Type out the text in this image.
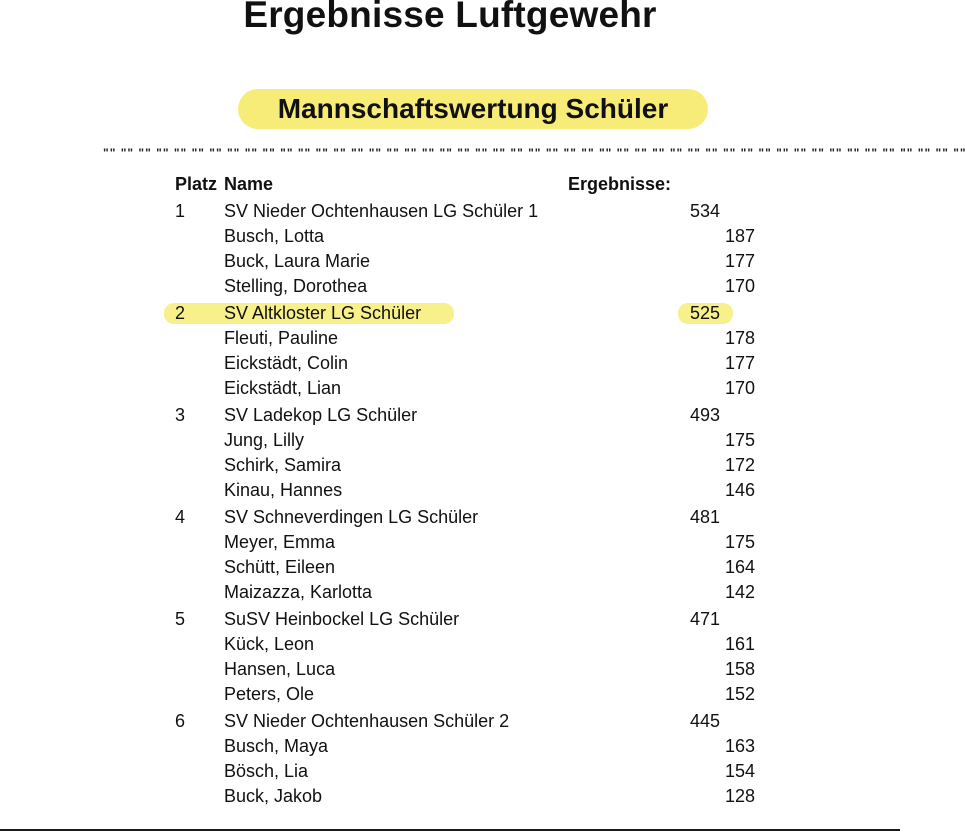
Ergebnisse Luftgewehr
Mannschaftswertung Schüler
"" "" "" "" "" "" "" "" "" "" "" "" "" "" "" "" "" "" "" "" "" "" "" "" "" "" "" "" "" "" "" "" "" "" "" "" "" "" "" "" "" "" "" "" "" "" "" "" ""
Platz Name	Ergebnisse:
1	SV Nieder Ochtenhausen LG Schüler 1	534
Busch, Lotta	187
Buck, Laura Marie	177
Stelling, Dorothea	170
2	SV Altkloster LG Schüler	525
Fleuti, Pauline	178
Eickstädt, Colin	177
Eickstädt, Lian	170
3	SV Ladekop LG Schüler	493
Jung, Lilly	175
Schirk, Samira	172
Kinau, Hannes	146
4	SV Schneverdingen LG Schüler	481
Meyer, Emma	175
Schütt, Eileen	164
Maizazza, Karlotta	142
5	SuSV Heinbockel LG Schüler	471
Kück, Leon	161
Hansen, Luca	158
Peters, Ole	152
6	SV Nieder Ochtenhausen Schüler 2	445
Busch, Maya	163
Bösch, Lia	154
Buck, Jakob	128
